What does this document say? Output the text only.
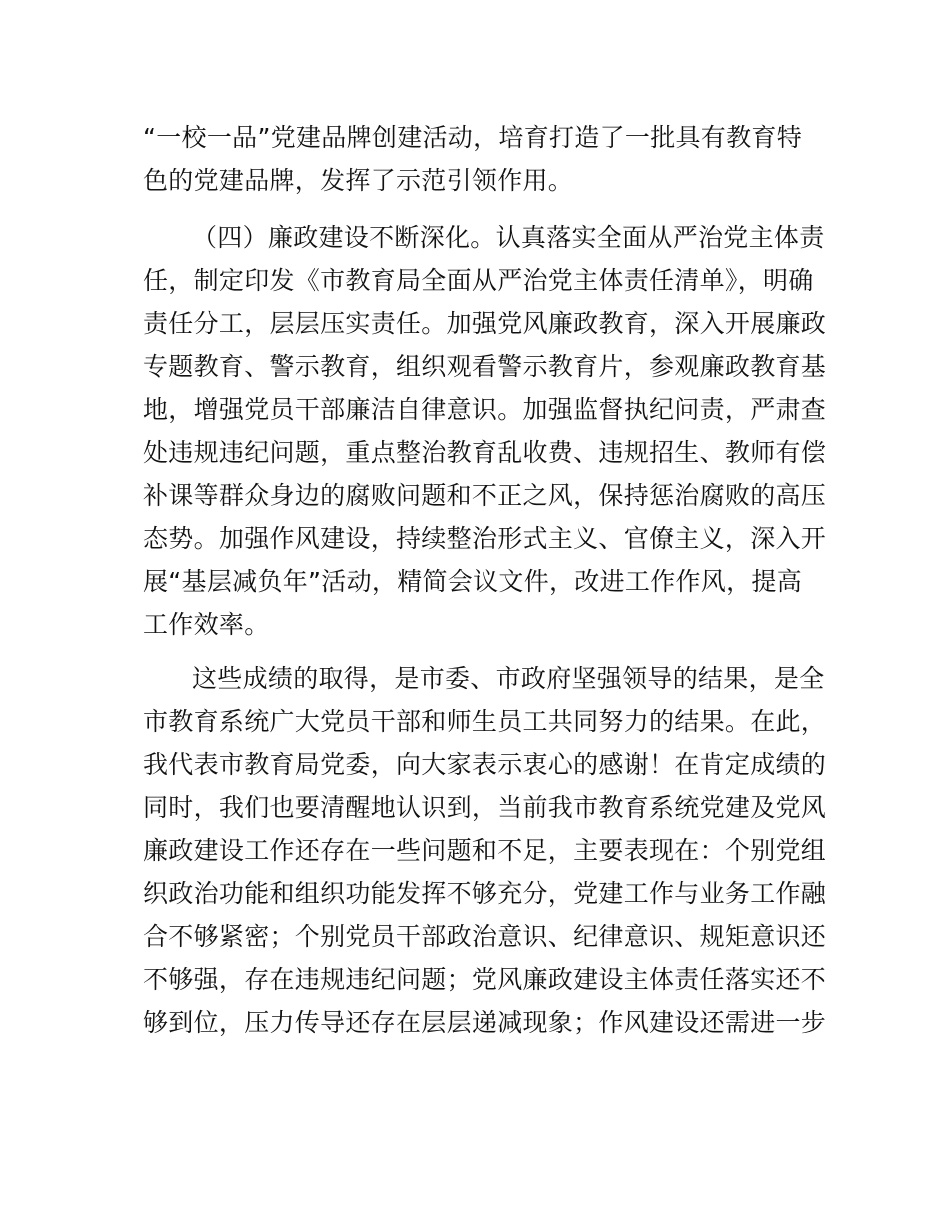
“一校一品”党建品牌创建活动，培育打造了一批具有教育特
色的党建品牌，发挥了示范引领作用。
（四）廉政建设不断深化。认真落实全面从严治党主体责
任，制定印发《市教育局全面从严治党主体责任清单》，明确
责任分工，层层压实责任。加强党风廉政教育，深入开展廉政
专题教育、警示教育，组织观看警示教育片，参观廉政教育基
地，增强党员干部廉洁自律意识。加强监督执纪问责，严肃查
处违规违纪问题，重点整治教育乱收费、违规招生、教师有偿
补课等群众身边的腐败问题和不正之风，保持惩治腐败的高压
态势。加强作风建设，持续整治形式主义、官僚主义，深入开
展“基层减负年”活动，精简会议文件，改进工作作风，提高
工作效率。
这些成绩的取得，是市委、市政府坚强领导的结果，是全
市教育系统广大党员干部和师生员工共同努力的结果。在此，
我代表市教育局党委，向大家表示衷心的感谢！在肯定成绩的
同时，我们也要清醒地认识到，当前我市教育系统党建及党风
廉政建设工作还存在一些问题和不足，主要表现在：个别党组
织政治功能和组织功能发挥不够充分，党建工作与业务工作融
合不够紧密；个别党员干部政治意识、纪律意识、规矩意识还
不够强，存在违规违纪问题；党风廉政建设主体责任落实还不
够到位，压力传导还存在层层递减现象；作风建设还需进一步
